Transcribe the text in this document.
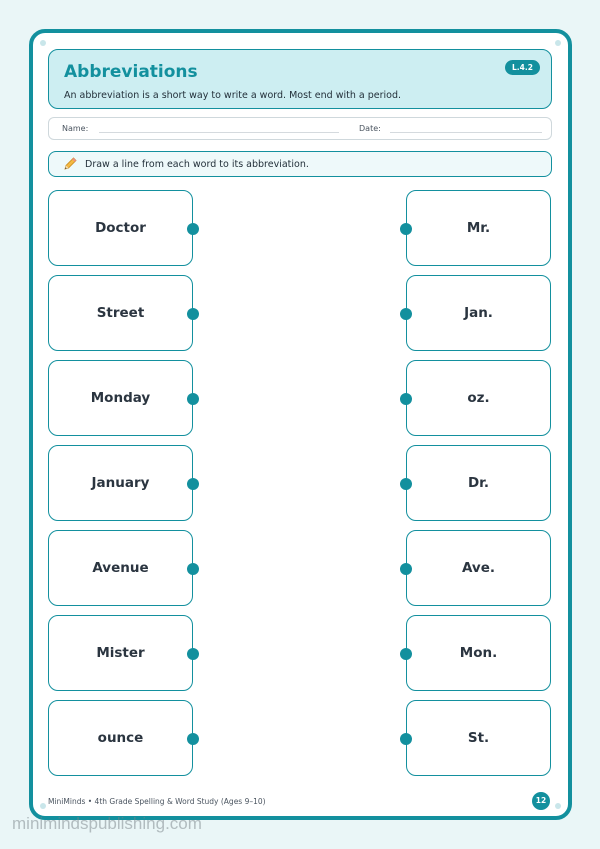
Abbreviations
An abbreviation is a short way to write a word. Most end with a period.
L.4.2
Name:	Date:
Draw a line from each word to its abbreviation.
Doctor
Street
Monday
January
Avenue
Mister
ounce
Mr.
Jan.
oz.
Dr.
Ave.
Mon.
St.
MiniMinds • 4th Grade Spelling & Word Study (Ages 9–10)	12
minimindspublishing.com
